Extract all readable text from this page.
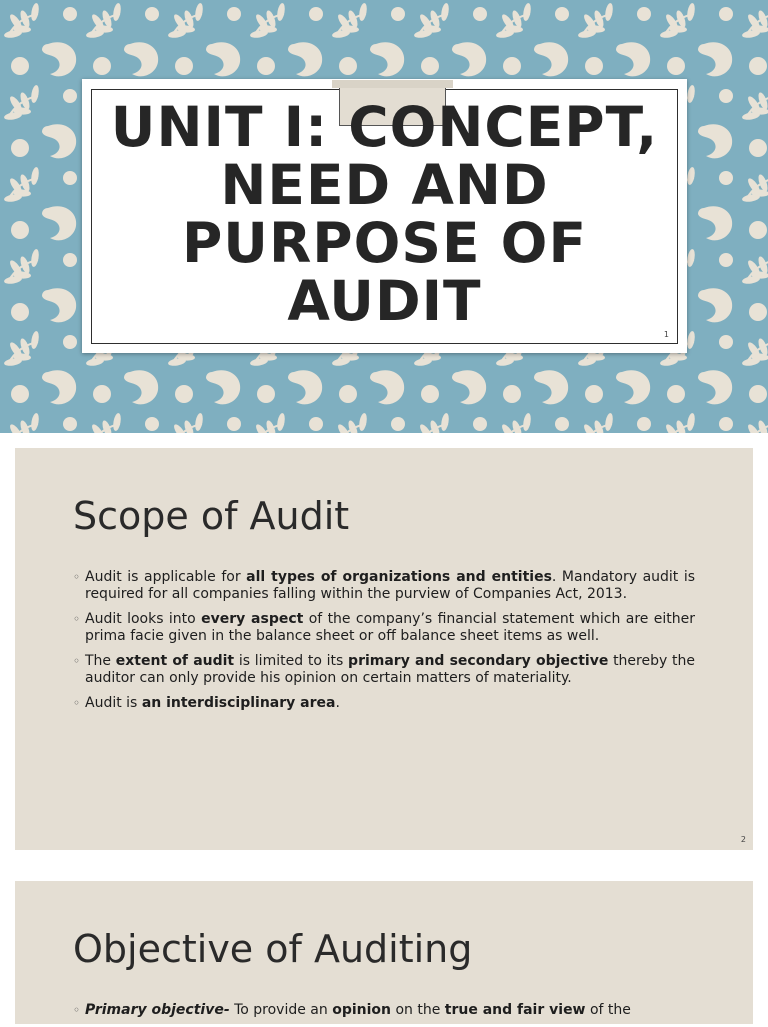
UNIT I: CONCEPT,
NEED AND
PURPOSE OF
AUDIT
1
Scope of Audit
◦ Audit is applicable for all types of organizations and entities. Mandatory audit is required for all companies falling within the purview of Companies Act, 2013.
◦ Audit looks into every aspect of the company’s financial statement which are either prima facie given in the balance sheet or off balance sheet items as well.
◦ The extent of audit is limited to its primary and secondary objective thereby the auditor can only provide his opinion on certain matters of materiality.
◦ Audit is an interdisciplinary area.
2
Objective of Auditing
◦ Primary objective- To provide an opinion on the true and fair view of the
